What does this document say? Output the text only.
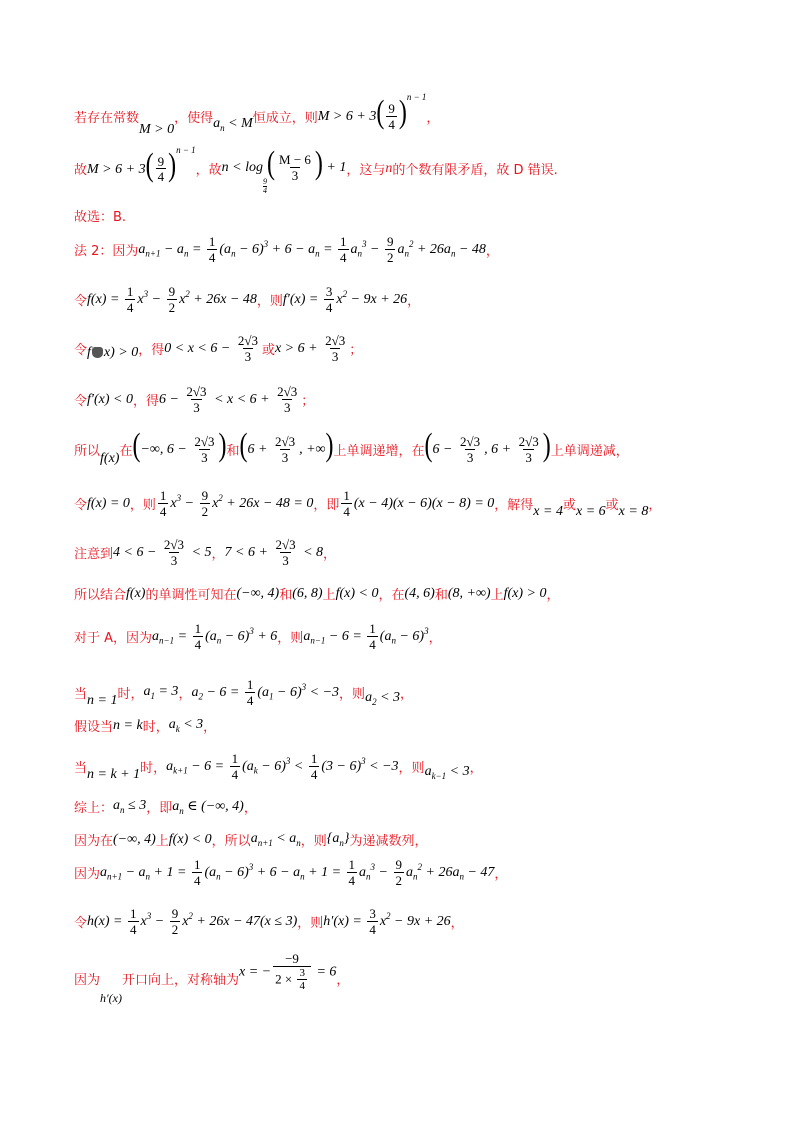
若存在常数
M > 0
，使得 $a_n < M$ 恒成立，则 $M > 6 + 3( \frac{9}{4} )^{n - 1}$
，
故 $M > 6 + 3( \frac{9}{4} )^{n - 1}$
，故 n < log
$_{\frac{9}{4}}$
( $\frac{M - 6}{3}$ ) + 1 ，这与 n 的个数有限矛盾，故 D 错误.
故选：B.
法 2：因为 $a_{n+1} - a_n = \frac{1}{4} (a_n - 6)^3 + 6 - a_n = \frac{1}{4} a_n^3 - \frac{9}{2} a_n^2 + 26a_n - 48$ ，
令 $f(x) = \frac{1}{4} x^3 - \frac{9}{2} x^2 + 26x - 48$ ，则 $f'(x) = \frac{3}{4} x^2 - 9x + 26$ ，
令 f x) > 0 ，得 $0 < x < 6 - \frac{2√3}{3}$ 或 $x > 6 + \frac{2√3}{3}$ ；
令 f′(x) < 0 ，得 $6 - \frac{2√3}{3} < x < 6 + \frac{2√3}{3}$ ；
所以 f(x) 在 (−∞, $6 - \frac{2√3}{3}$ ) 和 ($6 + \frac{2√3}{3}$ , +∞) 上单调递增，在 ($6 - \frac{2√3}{3}$ , $6 + \frac{2√3}{3}$ ) 上单调递减，
令 f(x) = 0 ，则 $\frac{1}{4} x^3 - \frac{9}{2} x^2 + 26x - 48 = 0$ ，即 $\frac{1}{4} (x - 4)(x - 6)(x - 8) = 0$ ，解得 x = 4 或 x = 6 或 x = 8 ，
注意到 $4 < 6 - \frac{2√3}{3} < 5$ ， $7 < 6 + \frac{2√3}{3} < 8$ ，
所以结合 f(x) 的单调性可知在 (−∞, 4) 和 (6, 8) 上 f(x) < 0 ，在 (4, 6) 和 (8, +∞) 上 f(x) > 0 ，
对于 A，因为 $a_{n-1} = \frac{1}{4} (a_n - 6)^3 + 6$ ，则 $a_{n-1} - 6 = \frac{1}{4} (a_n - 6)^3$ ，
当 n = 1 时， $a_1 = 3$ ， $a_2 - 6 = \frac{1}{4} (a_1 - 6)^3 < -3$ ，则 $a_2 < 3$ ，
假设当 n = k 时， $a_k < 3$ ，
当 n = k + 1 时， $a_{k+1} - 6 = \frac{1}{4} (a_k - 6)^3 < \frac{1}{4} (3 - 6)^3 < -3$ ，则 $a_{k-1} < 3$ ，
综上： $a_n \le 3$ ，即 $a_n$ ∈ (−∞, 4) ，
因为在 (−∞, 4) 上 f(x) < 0 ，所以 $a_{n+1} < a_n$ ，则 $\{a_n\}$ 为递减数列，
因为 $a_{n+1} - a_n + 1 = \frac{1}{4} (a_n - 6)^3 + 6 - a_n + 1 = \frac{1}{4} a_n^3 - \frac{9}{2} a_n^2 + 26a_n - 47$ ，
令 $h(x) = \frac{1}{4} x^3 - \frac{9}{2} x^2 + 26x - 47(x \le 3)$ ，则 $h'(x) = \frac{3}{4} x^2 - 9x + 26$ ，
因为
h′(x)
开口向上，对称轴为
x = − $\frac{-9}{2 \times \frac{3}{4}} = 6$
，
